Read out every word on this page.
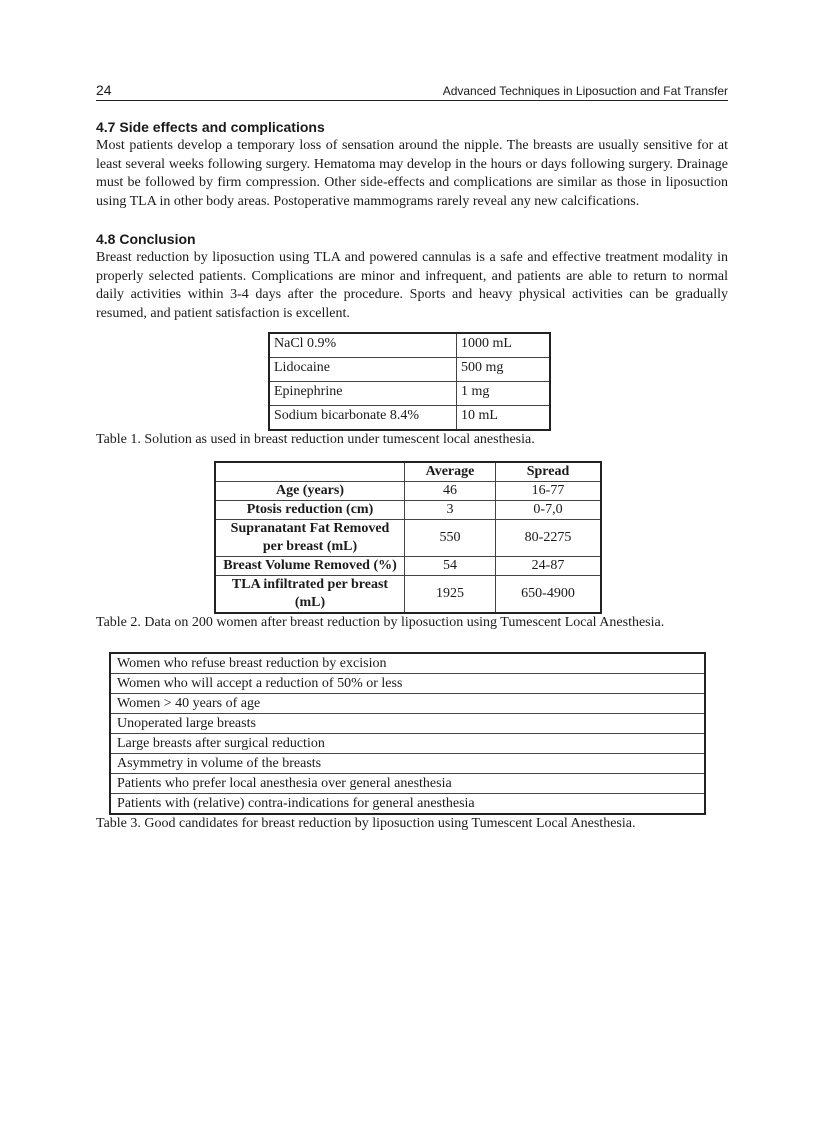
24	Advanced Techniques in Liposuction and Fat Transfer
4.7 Side effects and complications

Most patients develop a temporary loss of sensation around the nipple. The breasts are usually sensitive for at least several weeks following surgery. Hematoma may develop in the hours or days following surgery. Drainage must be followed by firm compression. Other side-effects and complications are similar as those in liposuction using TLA in other body areas. Postoperative mammograms rarely reveal any new calcifications.

4.8 Conclusion

Breast reduction by liposuction using TLA and powered cannulas is a safe and effective treatment modality in properly selected patients. Complications are minor and infrequent, and patients are able to return to normal daily activities within 3-4 days after the procedure. Sports and heavy physical activities can be gradually resumed, and patient satisfaction is excellent.

NaCl 0.9%	1000 mL
Lidocaine	500 mg
Epinephrine	1 mg
Sodium bicarbonate 8.4%	10 mL

Table 1. Solution as used in breast reduction under tumescent local anesthesia.

	Average	Spread
Age (years)	46	16-77
Ptosis reduction (cm)	3	0-7,0
Supranatant Fat Removed per breast (mL)	550	80-2275
Breast Volume Removed (%)	54	24-87
TLA infiltrated per breast (mL)	1925	650-4900

Table 2. Data on 200 women after breast reduction by liposuction using Tumescent Local Anesthesia.

Women who refuse breast reduction by excision
Women who will accept a reduction of 50% or less
Women > 40 years of age
Unoperated large breasts
Large breasts after surgical reduction
Asymmetry in volume of the breasts
Patients who prefer local anesthesia over general anesthesia
Patients with (relative) contra-indications for general anesthesia

Table 3. Good candidates for breast reduction by liposuction using Tumescent Local Anesthesia.
